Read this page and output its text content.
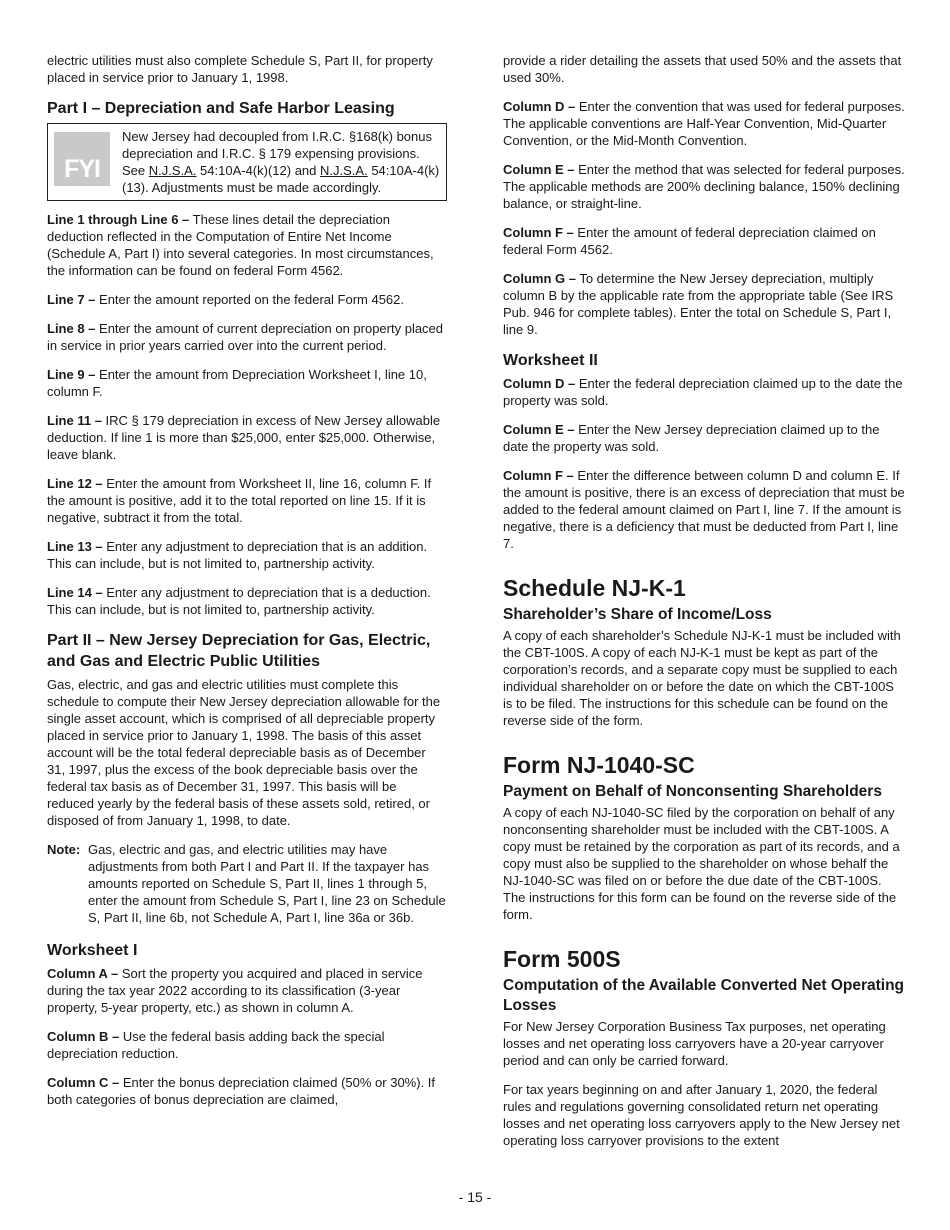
electric utilities must also complete Schedule S, Part II, for property placed in service prior to January 1, 1998.

Part I – Depreciation and Safe Harbor Leasing
FYI
New Jersey had decoupled from I.R.C. §168(k) bonus depreciation and I.R.C. § 179 expensing provisions. See N.J.S.A. 54:10A-4(k)(12) and N.J.S.A. 54:10A-4(k)(13). Adjustments must be made accordingly.

Line 1 through Line 6 – These lines detail the depreciation deduction reflected in the Computation of Entire Net Income (Schedule A, Part I) into several categories. In most circumstances, the information can be found on federal Form 4562.

Line 7 – Enter the amount reported on the federal Form 4562.

Line 8 – Enter the amount of current depreciation on property placed in service in prior years carried over into the current period.

Line 9 – Enter the amount from Depreciation Worksheet I, line 10, column F.

Line 11 – IRC § 179 depreciation in excess of New Jersey allowable deduction. If line 1 is more than $25,000, enter $25,000. Otherwise, leave blank.

Line 12 – Enter the amount from Worksheet II, line 16, column F. If the amount is positive, add it to the total reported on line 15. If it is negative, subtract it from the total.

Line 13 – Enter any adjustment to depreciation that is an addition. This can include, but is not limited to, partnership activity.

Line 14 – Enter any adjustment to depreciation that is a deduction. This can include, but is not limited to, partnership activity.

Part II – New Jersey Depreciation for Gas, Electric, and Gas and Electric Public Utilities

Gas, electric, and gas and electric utilities must complete this schedule to compute their New Jersey depreciation allowable for the single asset account, which is comprised of all depreciable property placed in service prior to January 1, 1998. The basis of this asset account will be the total federal depreciable basis as of December 31, 1997, plus the excess of the book depreciable basis over the federal tax basis as of December 31, 1997. This basis will be reduced yearly by the federal basis of these assets sold, retired, or disposed of from January 1, 1998, to date.

Note: Gas, electric and gas, and electric utilities may have adjustments from both Part I and Part II. If the taxpayer has amounts reported on Schedule S, Part II, lines 1 through 5, enter the amount from Schedule S, Part I, line 23 on Schedule S, Part II, line 6b, not Schedule A, Part I, line 36a or 36b.
Worksheet I

Column A – Sort the property you acquired and placed in service during the tax year 2022 according to its classification (3-year property, 5-year property, etc.) as shown in column A.

Column B – Use the federal basis adding back the special depreciation reduction.

Column C – Enter the bonus depreciation claimed (50% or 30%). If both categories of bonus depreciation are claimed,

provide a rider detailing the assets that used 50% and the assets that used 30%.

Column D – Enter the convention that was used for federal purposes. The applicable conventions are Half-Year Convention, Mid-Quarter Convention, or the Mid-Month Convention.

Column E – Enter the method that was selected for federal purposes. The applicable methods are 200% declining balance, 150% declining balance, or straight-line.

Column F – Enter the amount of federal depreciation claimed on federal Form 4562.

Column G – To determine the New Jersey depreciation, multiply column B by the applicable rate from the appropriate table (See IRS Pub. 946 for complete tables). Enter the total on Schedule S, Part I, line 9.

Worksheet II

Column D – Enter the federal depreciation claimed up to the date the property was sold.

Column E – Enter the New Jersey depreciation claimed up to the date the property was sold.

Column F – Enter the difference between column D and column E. If the amount is positive, there is an excess of depreciation that must be added to the federal amount claimed on Part I, line 7. If the amount is negative, there is a deficiency that must be deducted from Part I, line 7.

Schedule NJ-K-1
Shareholder’s Share of Income/Loss

A copy of each shareholder’s Schedule NJ-K-1 must be included with the CBT-100S. A copy of each NJ-K-1 must be kept as part of the corporation’s records, and a separate copy must be supplied to each individual shareholder on or before the date on which the CBT-100S is to be filed. The instructions for this schedule can be found on the reverse side of the form.

Form NJ-1040-SC
Payment on Behalf of Nonconsenting Shareholders

A copy of each NJ-1040-SC filed by the corporation on behalf of any nonconsenting shareholder must be included with the CBT-100S. A copy must be retained by the corporation as part of its records, and a copy must also be supplied to the shareholder on whose behalf the NJ-1040-SC was filed on or before the due date of the CBT-100S. The instructions for this form can be found on the reverse side of the form.

Form 500S
Computation of the Available Converted Net Operating Losses

For New Jersey Corporation Business Tax purposes, net operating losses and net operating loss carryovers have a 20-year carryover period and can only be carried forward.

For tax years beginning on and after January 1, 2020, the federal rules and regulations governing consolidated return net operating losses and net operating loss carryovers apply to the New Jersey net operating loss carryover provisions to the extent

- 15 -
